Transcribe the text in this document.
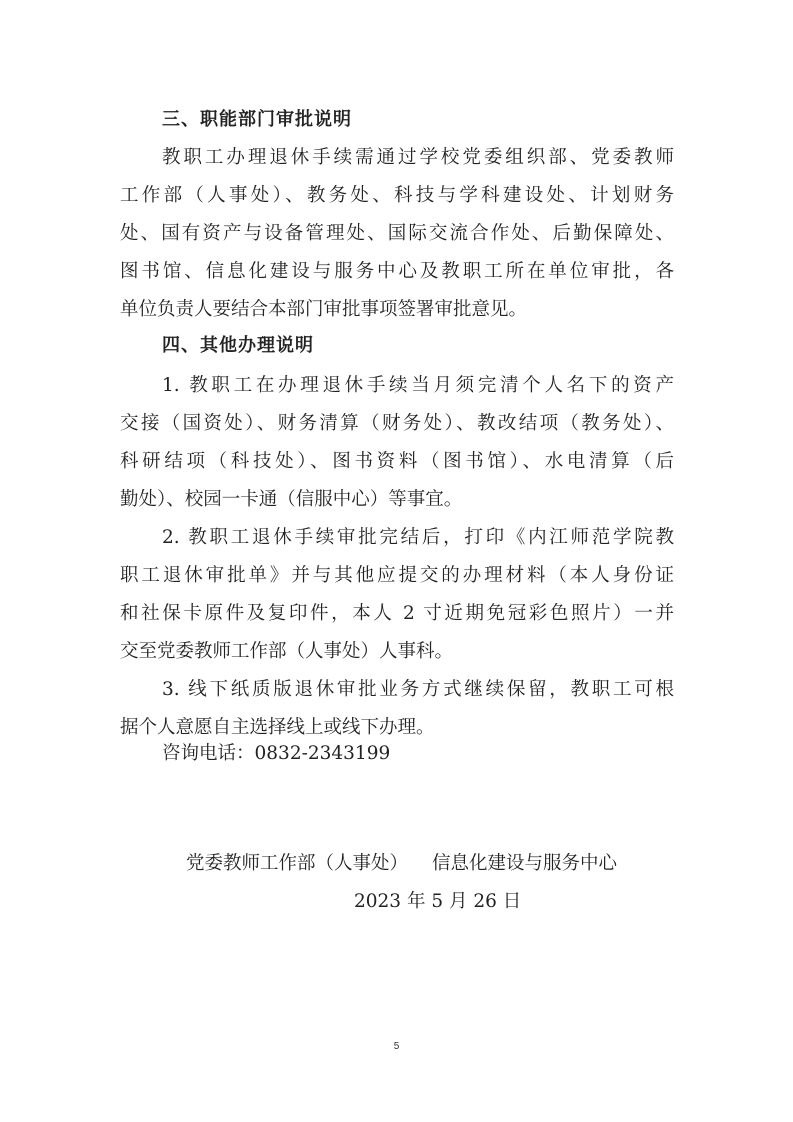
三、职能部门审批说明
教职工办理退休手续需通过学校党委组织部、党委教师
工作部（人事处）、教务处、科技与学科建设处、计划财务
处、国有资产与设备管理处、国际交流合作处、后勤保障处、
图书馆、信息化建设与服务中心及教职工所在单位审批，各
单位负责人要结合本部门审批事项签署审批意见。
四、其他办理说明
1. 教职工在办理退休手续当月须完清个人名下的资产
交接（国资处）、财务清算（财务处）、教改结项（教务处）、
科研结项（科技处）、图书资料（图书馆）、水电清算（后
勤处）、校园一卡通（信服中心）等事宜。
2. 教职工退休手续审批完结后，打印《内江师范学院教
职工退休审批单》并与其他应提交的办理材料（本人身份证
和社保卡原件及复印件，本人 2 寸近期免冠彩色照片）一并
交至党委教师工作部（人事处）人事科。
3. 线下纸质版退休审批业务方式继续保留，教职工可根
据个人意愿自主选择线上或线下办理。
咨询电话：0832-2343199
党委教师工作部（人事处） 信息化建设与服务中心
2023 年 5 月 26 日
5
